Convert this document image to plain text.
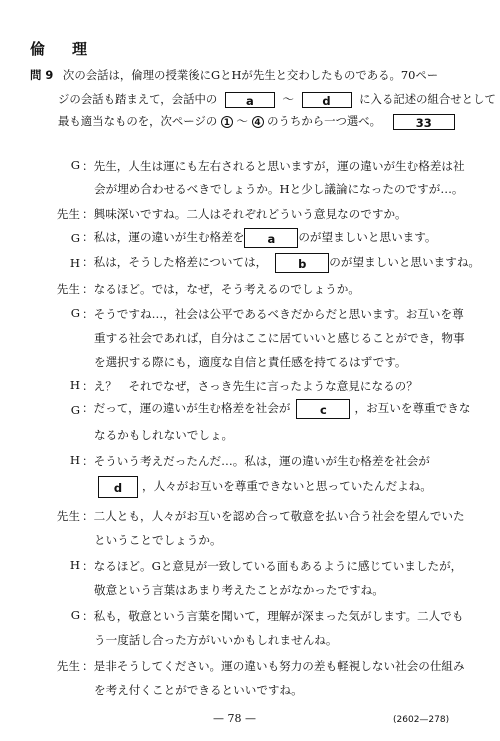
倫　理
問 9 次の会話は，倫理の授業後にGとHが先生と交わしたものである。70ペー
ジの会話も踏まえて，会話中の a	〜 d	に入る記述の組合せとして
最も適当なものを，次ページの 1 〜 4 のうちから一つ選べ。	33
G ：先生，人生は運にも左右されると思いますが，運の違いが生む格差は社
会が埋め合わせるべきでしょうか。Hと少し議論になったのですが…。
先生 ：興味深いですね。二人はそれぞれどういう意見なのですか。
G ：私は，運の違いが生む格差を a のが望ましいと思います。
H ：私は，そうした格差については，	b のが望ましいと思いますね。
先生 ：なるほど。では，なぜ，そう考えるのでしょうか。
G ：そうですね…，社会は公平であるべきだからだと思います。お互いを尊
重する社会であれば，自分はここに居ていいと感じることができ，物事
を選択する際にも，適度な自信と責任感を持てるはずです。
H ：え？　それでなぜ，さっき先生に言ったような意見になるの？
G ：だって，運の違いが生む格差を社会が	c ，お互いを尊重できな
なるかもしれないでしょ。
H ：そういう考えだったんだ…。私は，運の違いが生む格差を社会が
d ，人々がお互いを尊重できないと思っていたんだよね。
先生 ：二人とも，人々がお互いを認め合って敬意を払い合う社会を望んでいた
ということでしょうか。
H ：なるほど。Gと意見が一致している面もあるように感じていましたが，
敬意という言葉はあまり考えたことがなかったですね。
G ：私も，敬意という言葉を聞いて，理解が深まった気がします。二人でも
う一度話し合った方がいいかもしれませんね。
先生 ：是非そうしてください。運の違いも努力の差も軽視しない社会の仕組み
を考え付くことができるといいですね。
— 78 —	(2602—278)
